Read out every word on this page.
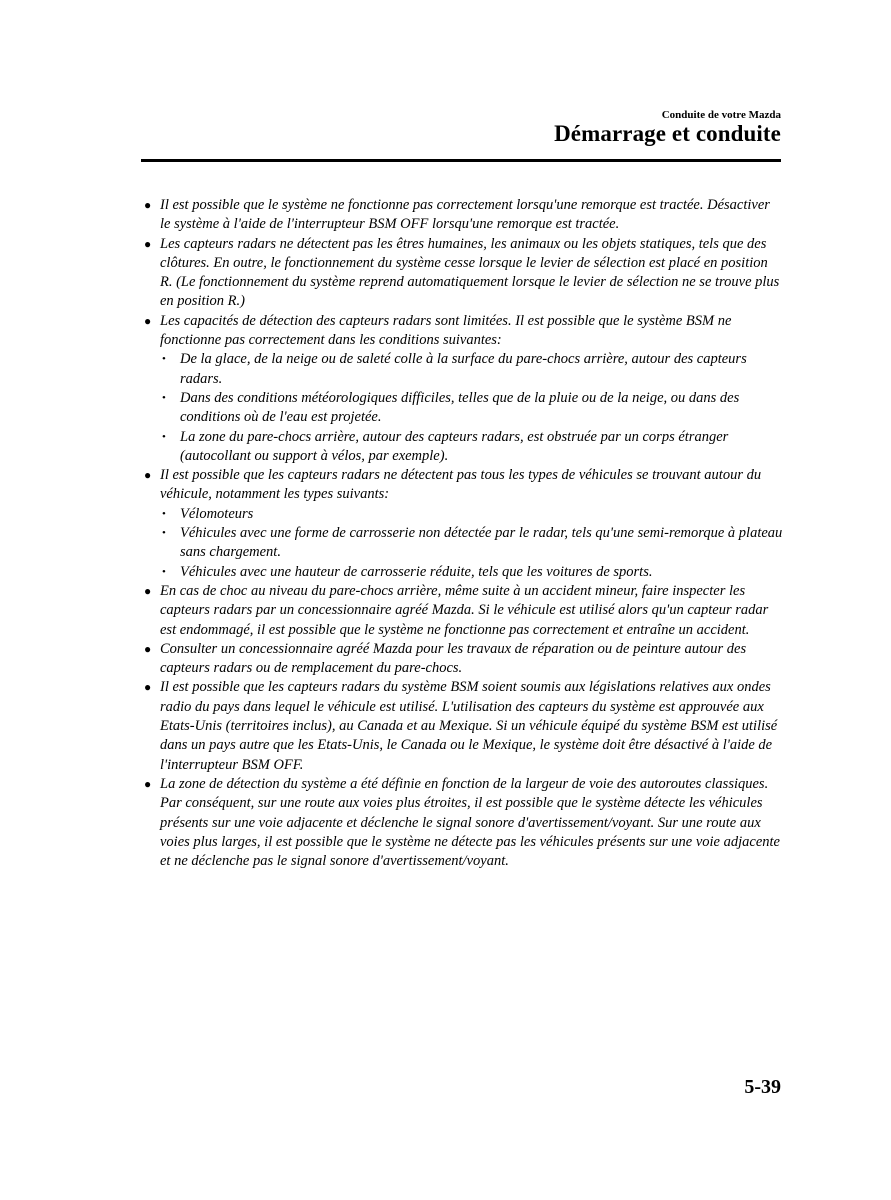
Conduite de votre Mazda
Démarrage et conduite
● Il est possible que le système ne fonctionne pas correctement lorsqu'une remorque est tractée. Désactiver le système à l'aide de l'interrupteur BSM OFF lorsqu'une remorque est tractée.
● Les capteurs radars ne détectent pas les êtres humaines, les animaux ou les objets statiques, tels que des clôtures. En outre, le fonctionnement du système cesse lorsque le levier de sélection est placé en position R. (Le fonctionnement du système reprend automatiquement lorsque le levier de sélection ne se trouve plus en position R.)
● Les capacités de détection des capteurs radars sont limitées. Il est possible que le système BSM ne fonctionne pas correctement dans les conditions suivantes:
• De la glace, de la neige ou de saleté colle à la surface du pare-chocs arrière, autour des capteurs radars.
• Dans des conditions météorologiques difficiles, telles que de la pluie ou de la neige, ou dans des conditions où de l'eau est projetée.
• La zone du pare-chocs arrière, autour des capteurs radars, est obstruée par un corps étranger (autocollant ou support à vélos, par exemple).
● Il est possible que les capteurs radars ne détectent pas tous les types de véhicules se trouvant autour du véhicule, notamment les types suivants:
• Vélomoteurs
• Véhicules avec une forme de carrosserie non détectée par le radar, tels qu'une semi-remorque à plateau sans chargement.
• Véhicules avec une hauteur de carrosserie réduite, tels que les voitures de sports.
● En cas de choc au niveau du pare-chocs arrière, même suite à un accident mineur, faire inspecter les capteurs radars par un concessionnaire agréé Mazda. Si le véhicule est utilisé alors qu'un capteur radar est endommagé, il est possible que le système ne fonctionne pas correctement et entraîne un accident.
● Consulter un concessionnaire agréé Mazda pour les travaux de réparation ou de peinture autour des capteurs radars ou de remplacement du pare-chocs.
● Il est possible que les capteurs radars du système BSM soient soumis aux législations relatives aux ondes radio du pays dans lequel le véhicule est utilisé. L'utilisation des capteurs du système est approuvée aux Etats-Unis (territoires inclus), au Canada et au Mexique. Si un véhicule équipé du système BSM est utilisé dans un pays autre que les Etats-Unis, le Canada ou le Mexique, le système doit être désactivé à l'aide de l'interrupteur BSM OFF.
● La zone de détection du système a été définie en fonction de la largeur de voie des autoroutes classiques. Par conséquent, sur une route aux voies plus étroites, il est possible que le système détecte les véhicules présents sur une voie adjacente et déclenche le signal sonore d'avertissement/voyant. Sur une route aux voies plus larges, il est possible que le système ne détecte pas les véhicules présents sur une voie adjacente et ne déclenche pas le signal sonore d'avertissement/voyant.
5-39
